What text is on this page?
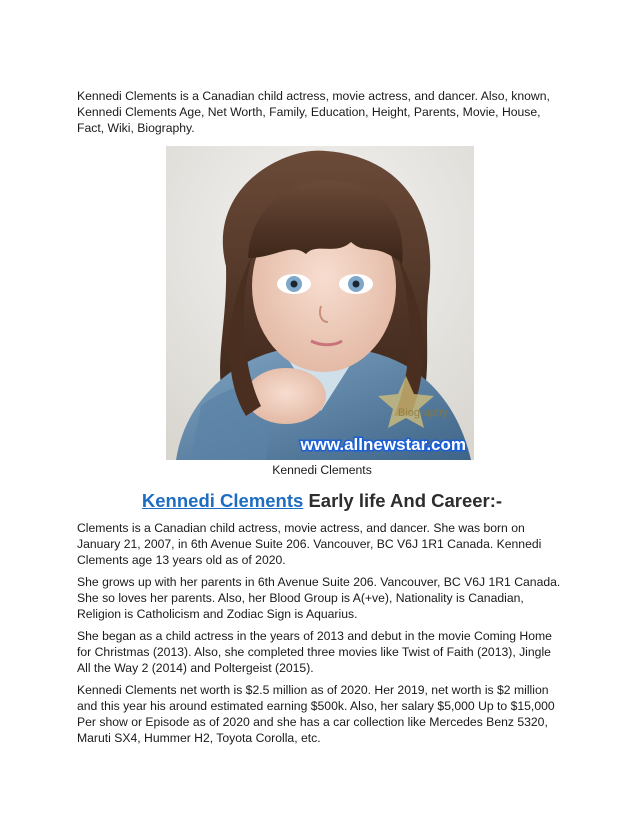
Kennedi Clements is a Canadian child actress, movie actress, and dancer. Also, known, Kennedi Clements Age, Net Worth, Family, Education, Height, Parents, Movie, House, Fact, Wiki, Biography.

Biography
www.allnewstar.com
Kennedi Clements
Kennedi Clements Early life And Career:-

Clements is a Canadian child actress, movie actress, and dancer. She was born on January 21, 2007, in 6th Avenue Suite 206. Vancouver, BC V6J 1R1 Canada. Kennedi Clements age 13 years old as of 2020.

She grows up with her parents in 6th Avenue Suite 206. Vancouver, BC V6J 1R1 Canada. She so loves her parents. Also, her Blood Group is A(+ve), Nationality is Canadian, Religion is Catholicism and Zodiac Sign is Aquarius.

She began as a child actress in the years of 2013 and debut in the movie Coming Home for Christmas (2013). Also, she completed three movies like Twist of Faith (2013), Jingle All the Way 2 (2014) and Poltergeist (2015).

Kennedi Clements net worth is $2.5 million as of 2020. Her 2019, net worth is $2 million and this year his around estimated earning $500k. Also, her salary $5,000 Up to $15,000 Per show or Episode as of 2020 and she has a car collection like Mercedes Benz 5320, Maruti SX4, Hummer H2, Toyota Corolla, etc.
